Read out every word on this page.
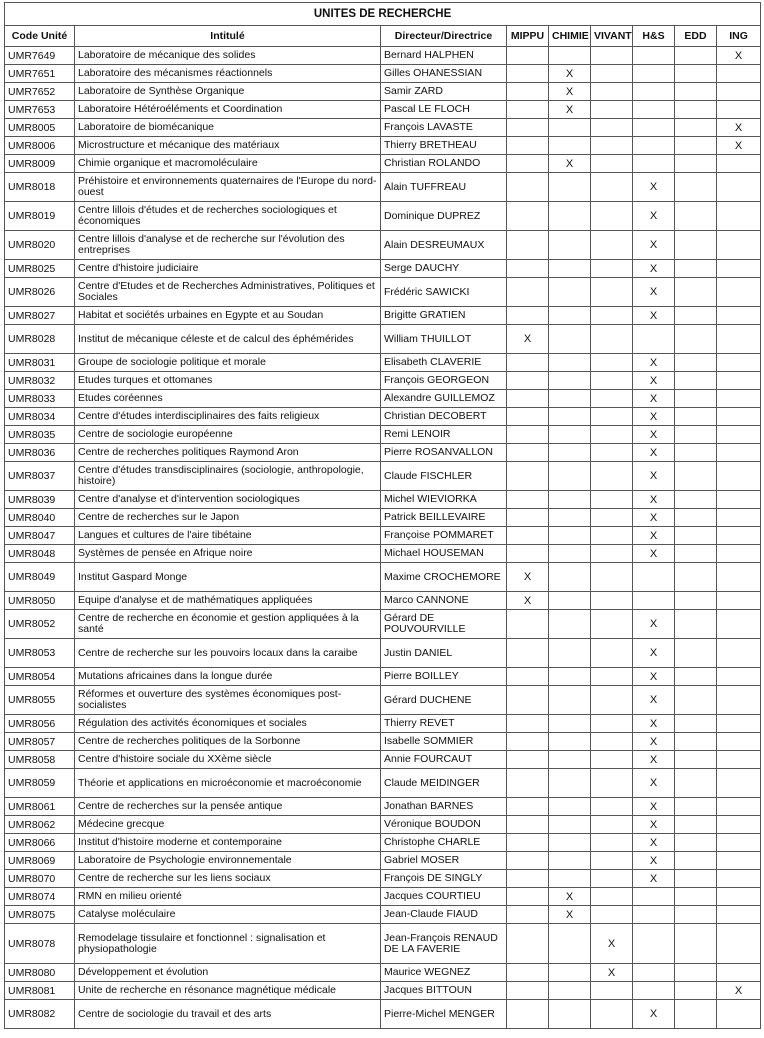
UNITES DE RECHERCHE								
Code Unité	Intitulé	Directeur/Directrice	MIPPU	CHIMIE	VIVANT	H&S	EDD	ING
UMR7649	Laboratoire de mécanique des solides	Bernard HALPHEN						X
UMR7651	Laboratoire des mécanismes réactionnels	Gilles OHANESSIAN		X				
UMR7652	Laboratoire de Synthèse Organique	Samir ZARD		X				
UMR7653	Laboratoire Hétéroéléments et Coordination	Pascal LE FLOCH		X				
UMR8005	Laboratoire de biomécanique	François LAVASTE						X
UMR8006	Microstructure et mécanique des matériaux	Thierry BRETHEAU						X
UMR8009	Chimie organique et macromoléculaire	Christian ROLANDO		X				
UMR8018	Préhistoire et environnements quaternaires de l'Europe du nord-ouest	Alain TUFFREAU				X		
UMR8019	Centre lillois d'études et de recherches sociologiques et économiques	Dominique DUPREZ				X		
UMR8020	Centre lillois d'analyse et de recherche sur l'évolution des entreprises	Alain DESREUMAUX				X		
UMR8025	Centre d'histoire judiciaire	Serge DAUCHY				X		
UMR8026	Centre d'Etudes et de Recherches Administratives, Politiques et Sociales	Frédéric SAWICKI				X		
UMR8027	Habitat et sociétés urbaines en Egypte et au Soudan	Brigitte GRATIEN				X		
UMR8028	Institut de mécanique céleste et de calcul des éphémérides	William THUILLOT	X					
UMR8031	Groupe de sociologie politique et morale	Elisabeth CLAVERIE				X		
UMR8032	Etudes turques et ottomanes	François GEORGEON				X		
UMR8033	Etudes coréennes	Alexandre GUILLEMOZ				X		
UMR8034	Centre d'études interdisciplinaires des faits religieux	Christian DECOBERT				X		
UMR8035	Centre de sociologie européenne	Remi LENOIR				X		
UMR8036	Centre de recherches politiques Raymond Aron	Pierre ROSANVALLON				X		
UMR8037	Centre d'études transdisciplinaires (sociologie, anthropologie, histoire)	Claude FISCHLER				X		
UMR8039	Centre d'analyse et d'intervention sociologiques	Michel WIEVIORKA				X		
UMR8040	Centre de recherches sur le Japon	Patrick BEILLEVAIRE				X		
UMR8047	Langues et cultures de l'aire tibétaine	Françoise POMMARET				X		
UMR8048	Systèmes de pensée en Afrique noire	Michael HOUSEMAN				X		
UMR8049	Institut Gaspard Monge	Maxime CROCHEMORE	X					
UMR8050	Equipe d'analyse et de mathématiques appliquées	Marco CANNONE	X					
UMR8052	Centre de recherche en économie et gestion appliquées à la santé	Gérard DE POUVOURVILLE				X		
UMR8053	Centre de recherche sur les pouvoirs locaux dans la caraibe	Justin DANIEL				X		
UMR8054	Mutations africaines dans la longue durée	Pierre BOILLEY				X		
UMR8055	Réformes et ouverture des systèmes économiques post-socialistes	Gérard DUCHENE				X		
UMR8056	Régulation des activités économiques et sociales	Thierry REVET				X		
UMR8057	Centre de recherches politiques de la Sorbonne	Isabelle SOMMIER				X		
UMR8058	Centre d'histoire sociale du XXème siècle	Annie FOURCAUT				X		
UMR8059	Théorie et applications en microéconomie et macroéconomie	Claude MEIDINGER				X		
UMR8061	Centre de recherches sur la pensée antique	Jonathan BARNES				X		
UMR8062	Médecine grecque	Véronique BOUDON				X		
UMR8066	Institut d'histoire moderne et contemporaine	Christophe CHARLE				X		
UMR8069	Laboratoire de Psychologie environnementale	Gabriel MOSER				X		
UMR8070	Centre de recherche sur les liens sociaux	François DE SINGLY				X		
UMR8074	RMN en milieu orienté	Jacques COURTIEU		X				
UMR8075	Catalyse moléculaire	Jean-Claude FIAUD		X				
UMR8078	Remodelage tissulaire et fonctionnel : signalisation et physiopathologie	Jean-François RENAUD DE LA FAVERIE			X			
UMR8080	Développement et évolution	Maurice WEGNEZ			X			
UMR8081	Unite de recherche en résonance magnétique médicale	Jacques BITTOUN						X
UMR8082	Centre de sociologie du travail et des arts	Pierre-Michel MENGER				X		
